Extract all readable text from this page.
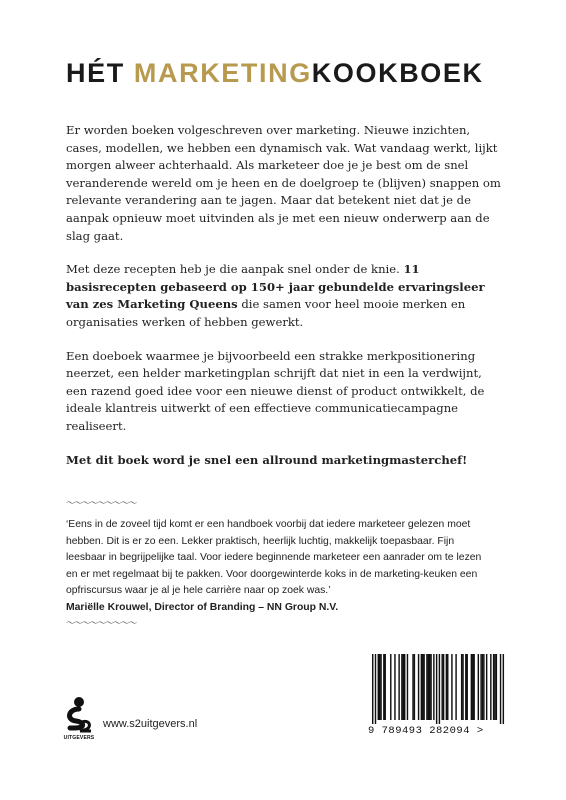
HÉT MARKETINGKOOKBOEK

Er worden boeken volgeschreven over marketing. Nieuwe inzichten, cases, modellen, we hebben een dynamisch vak. Wat vandaag werkt, lijkt morgen alweer achterhaald. Als marketeer doe je je best om de snel veranderende wereld om je heen en de doelgroep te (blijven) snappen om relevante verandering aan te jagen. Maar dat betekent niet dat je de aanpak opnieuw moet uitvinden als je met een nieuw onderwerp aan de slag gaat.

Met deze recepten heb je die aanpak snel onder de knie. 11 basisrecepten gebaseerd op 150+ jaar gebundelde ervaringsleer van zes Marketing Queens die samen voor heel mooie merken en organisaties werken of hebben gewerkt.

Een doeboek waarmee je bijvoorbeeld een strakke merkpositionering neerzet, een helder marketingplan schrijft dat niet in een la verdwijnt, een razend goed idee voor een nieuwe dienst of product ontwikkelt, de ideale klantreis uitwerkt of een effectieve communicatiecampagne realiseert.

Met dit boek word je snel een allround marketingmasterchef!

〜〜〜〜〜〜〜〜〜
‘Eens in de zoveel tijd komt er een handboek voorbij dat iedere marketeer gelezen moet hebben. Dit is er zo een. Lekker praktisch, heerlijk luchtig, makkelijk toepasbaar. Fijn leesbaar in begrijpelijke taal. Voor iedere beginnende marketeer een aanrader om te lezen en er met regelmaat bij te pakken. Voor doorgewinterde koks in de marketing-keuken een opfriscursus waar je al je hele carrière naar op zoek was.’
Mariëlle Krouwel, Director of Branding – NN Group N.V.
〜〜〜〜〜〜〜〜〜
UITGEVERS
www.s2uitgevers.nl
9 789493 282094 >
